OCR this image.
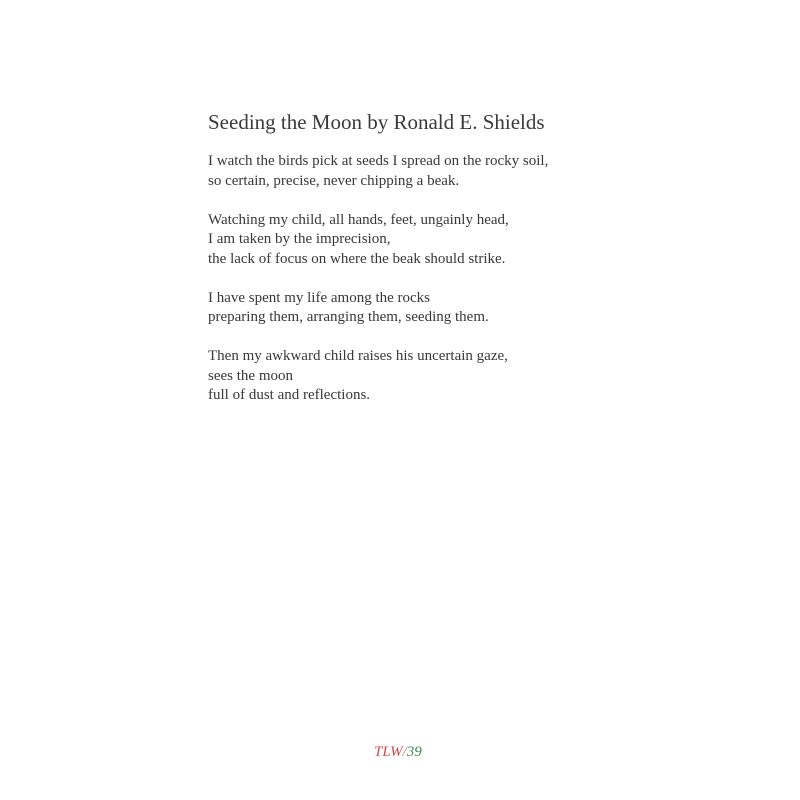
Seeding the Moon by Ronald E. Shields
I watch the birds pick at seeds I spread on the rocky soil,
so certain, precise, never chipping a beak.
Watching my child, all hands, feet, ungainly head,
I am taken by the imprecision,
the lack of focus on where the beak should strike.
I have spent my life among the rocks
preparing them, arranging them, seeding them.
Then my awkward child raises his uncertain gaze,
sees the moon
full of dust and reflections.
TLW/39
